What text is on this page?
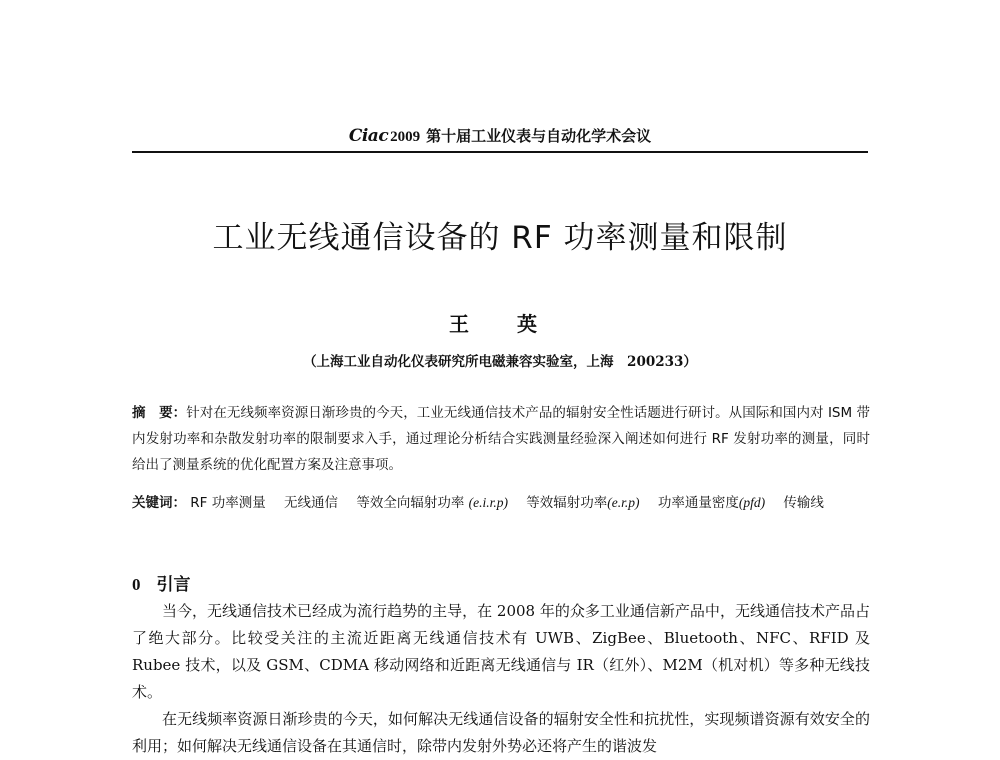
Ciac 2009 第十届工业仪表与自动化学术会议
工业无线通信设备的 RF 功率测量和限制
王　英
（上海工业自动化仪表研究所电磁兼容实验室，上海　200233）
摘　要：针对在无线频率资源日渐珍贵的今天，工业无线通信技术产品的辐射安全性话题进行研讨。从国际和国内对 ISM 带内发射功率和杂散发射功率的限制要求入手，通过理论分析结合实践测量经验深入阐述如何进行 RF 发射功率的测量，同时给出了测量系统的优化配置方案及注意事项。
关键词： RF 功率测量 无线通信 等效全向辐射功率 (e.i.r.p) 等效辐射功率(e.r.p) 功率通量密度(pfd) 传输线
0 引言
当今，无线通信技术已经成为流行趋势的主导，在 2008 年的众多工业通信新产品中，无线通信技术产品占了绝大部分。比较受关注的主流近距离无线通信技术有 UWB、ZigBee、Bluetooth、NFC、RFID 及 Rubee 技术，以及 GSM、CDMA 移动网络和近距离无线通信与 IR（红外）、M2M（机对机）等多种无线技术。
在无线频率资源日渐珍贵的今天，如何解决无线通信设备的辐射安全性和抗扰性，实现频谱资源有效安全的利用；如何解决无线通信设备在其通信时，除带内发射外势必还将产生的谐波发
